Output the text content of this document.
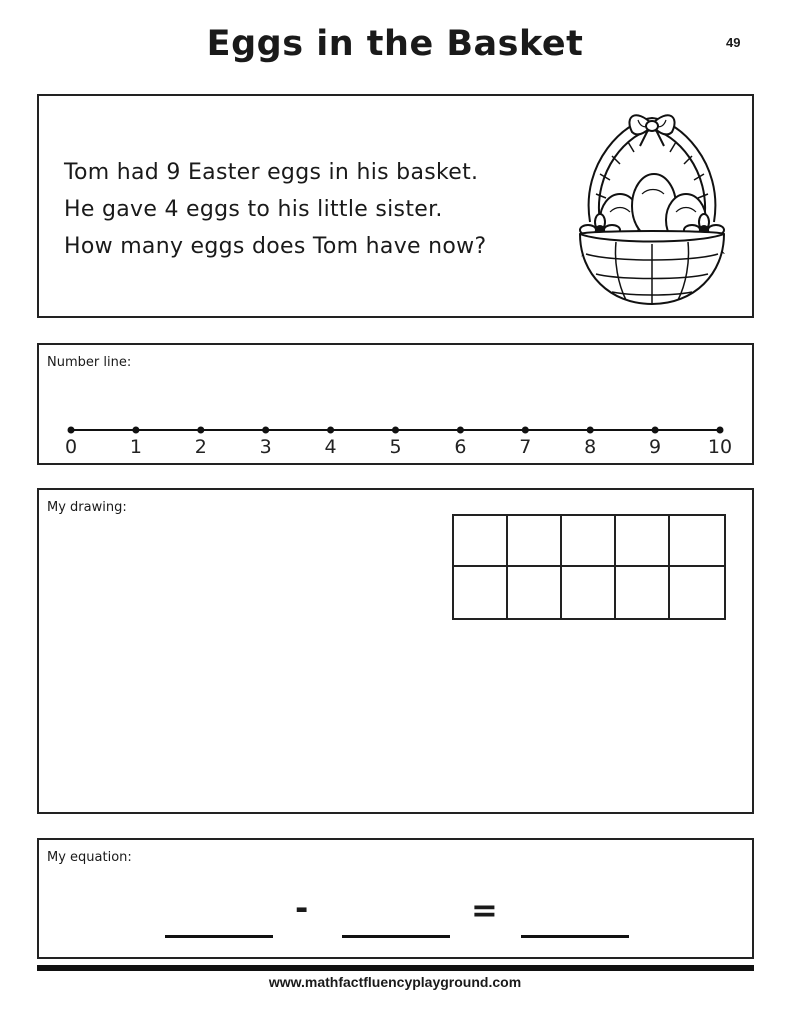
Eggs in the Basket	49
Tom had 9 Easter eggs in his basket.
He gave 4 eggs to his little sister.
How many eggs does Tom have now?
Number line:
0	1	2	3	4	5	6	7	8	9 10
My drawing:
My equation:
-	=
www.mathfactfluencyplayground.com
